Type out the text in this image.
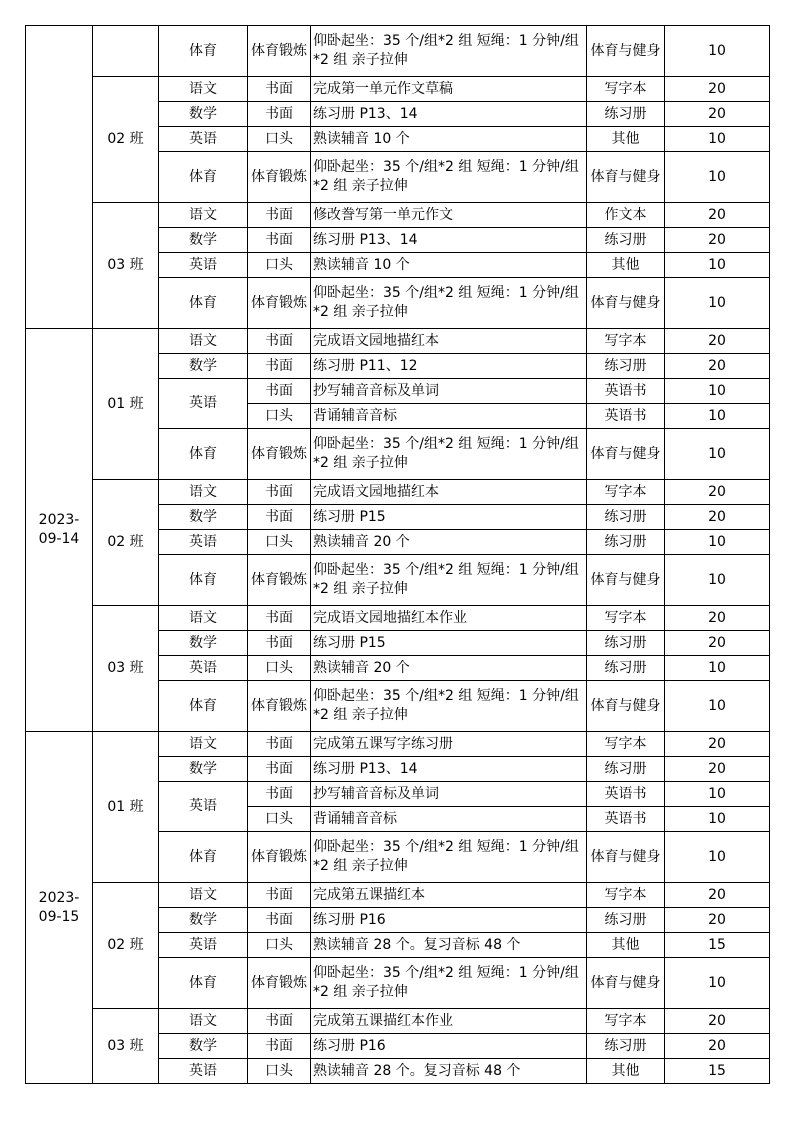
		体育	体育锻炼	仰卧起坐：35 个/组*2 组 短绳：1 分钟/组*2 组 亲子拉伸	体育与健身	10
	02 班	语文	书面	完成第一单元作文草稿	写字本	20
		数学	书面	练习册 P13、14	练习册	20
		英语	口头	熟读辅音 10 个	其他	10
		体育	体育锻炼	仰卧起坐：35 个/组*2 组 短绳：1 分钟/组*2 组 亲子拉伸	体育与健身	10
	03 班	语文	书面	修改誊写第一单元作文	作文本	20
		数学	书面	练习册 P13、14	练习册	20
		英语	口头	熟读辅音 10 个	其他	10
		体育	体育锻炼	仰卧起坐：35 个/组*2 组 短绳：1 分钟/组*2 组 亲子拉伸	体育与健身	10
2023-09-14	01 班	语文	书面	完成语文园地描红本	写字本	20
		数学	书面	练习册 P11、12	练习册	20
		英语	书面	抄写辅音音标及单词	英语书	10
			口头	背诵辅音音标	英语书	10
		体育	体育锻炼	仰卧起坐：35 个/组*2 组 短绳：1 分钟/组*2 组 亲子拉伸	体育与健身	10
	02 班	语文	书面	完成语文园地描红本	写字本	20
		数学	书面	练习册 P15	练习册	20
		英语	口头	熟读辅音 20 个	练习册	10
		体育	体育锻炼	仰卧起坐：35 个/组*2 组 短绳：1 分钟/组*2 组 亲子拉伸	体育与健身	10
	03 班	语文	书面	完成语文园地描红本作业	写字本	20
		数学	书面	练习册 P15	练习册	20
		英语	口头	熟读辅音 20 个	练习册	10
		体育	体育锻炼	仰卧起坐：35 个/组*2 组 短绳：1 分钟/组*2 组 亲子拉伸	体育与健身	10
2023-09-15	01 班	语文	书面	完成第五课写字练习册	写字本	20
		数学	书面	练习册 P13、14	练习册	20
		英语	书面	抄写辅音音标及单词	英语书	10
			口头	背诵辅音音标	英语书	10
		体育	体育锻炼	仰卧起坐：35 个/组*2 组 短绳：1 分钟/组*2 组 亲子拉伸	体育与健身	10
	02 班	语文	书面	完成第五课描红本	写字本	20
		数学	书面	练习册 P16	练习册	20
		英语	口头	熟读辅音 28 个。复习音标 48 个	其他	15
		体育	体育锻炼	仰卧起坐：35 个/组*2 组 短绳：1 分钟/组*2 组 亲子拉伸	体育与健身	10
	03 班	语文	书面	完成第五课描红本作业	写字本	20
		数学	书面	练习册 P16	练习册	20
		英语	口头	熟读辅音 28 个。复习音标 48 个	其他	15
